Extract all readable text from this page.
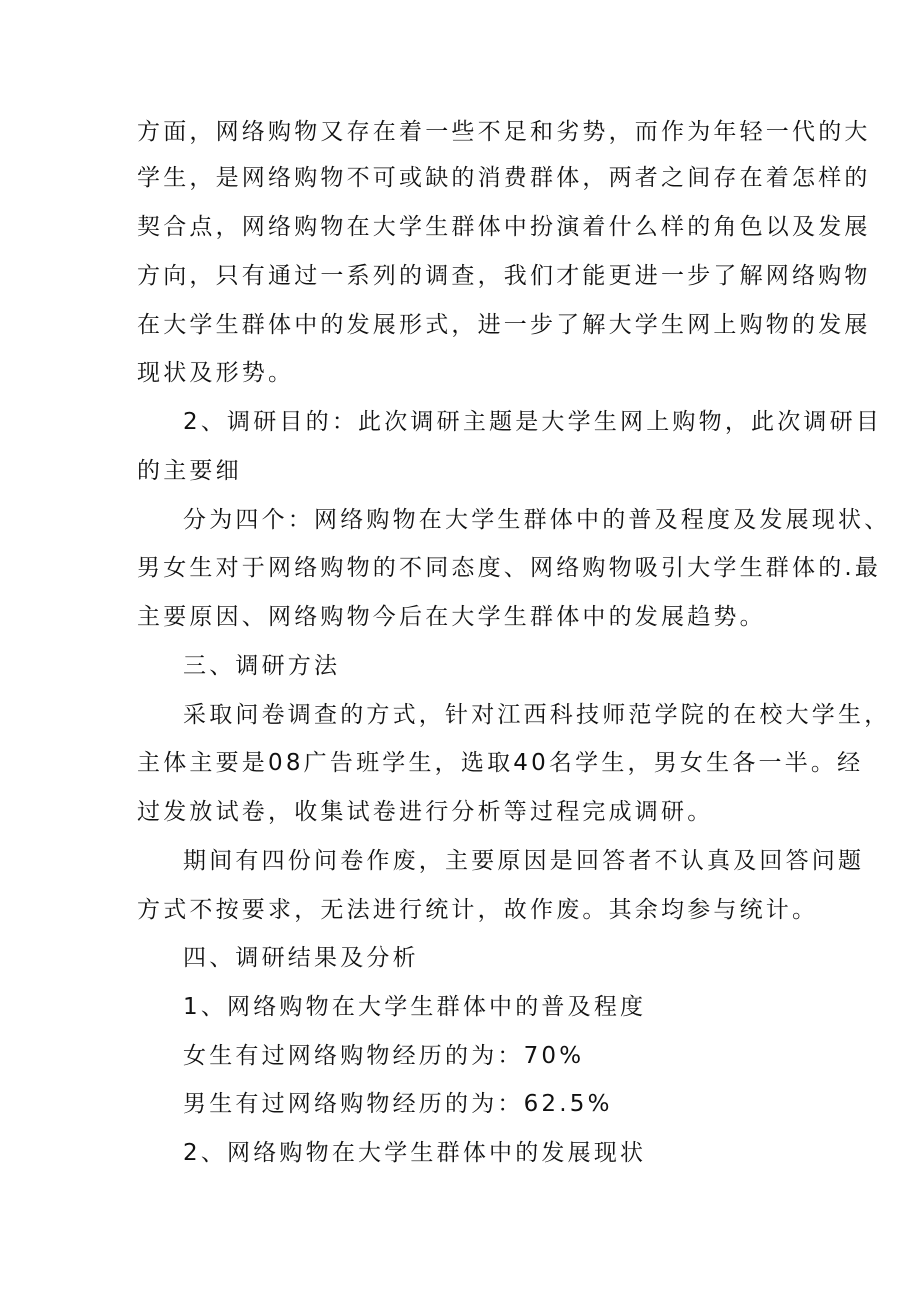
方面，网络购物又存在着一些不足和劣势，而作为年轻一代的大
学生，是网络购物不可或缺的消费群体，两者之间存在着怎样的
契合点，网络购物在大学生群体中扮演着什么样的角色以及发展
方向，只有通过一系列的调查，我们才能更进一步了解网络购物
在大学生群体中的发展形式，进一步了解大学生网上购物的发展
现状及形势。
2、调研目的：此次调研主题是大学生网上购物，此次调研目
的主要细
分为四个：网络购物在大学生群体中的普及程度及发展现状、
男女生对于网络购物的不同态度、网络购物吸引大学生群体的.最
主要原因、网络购物今后在大学生群体中的发展趋势。
三、调研方法
采取问卷调查的方式，针对江西科技师范学院的在校大学生，
主体主要是08广告班学生，选取40名学生，男女生各一半。经
过发放试卷，收集试卷进行分析等过程完成调研。
期间有四份问卷作废，主要原因是回答者不认真及回答问题
方式不按要求，无法进行统计，故作废。其余均参与统计。
四、调研结果及分析
1、网络购物在大学生群体中的普及程度
女生有过网络购物经历的为：70%
男生有过网络购物经历的为：62.5%
2、网络购物在大学生群体中的发展现状
